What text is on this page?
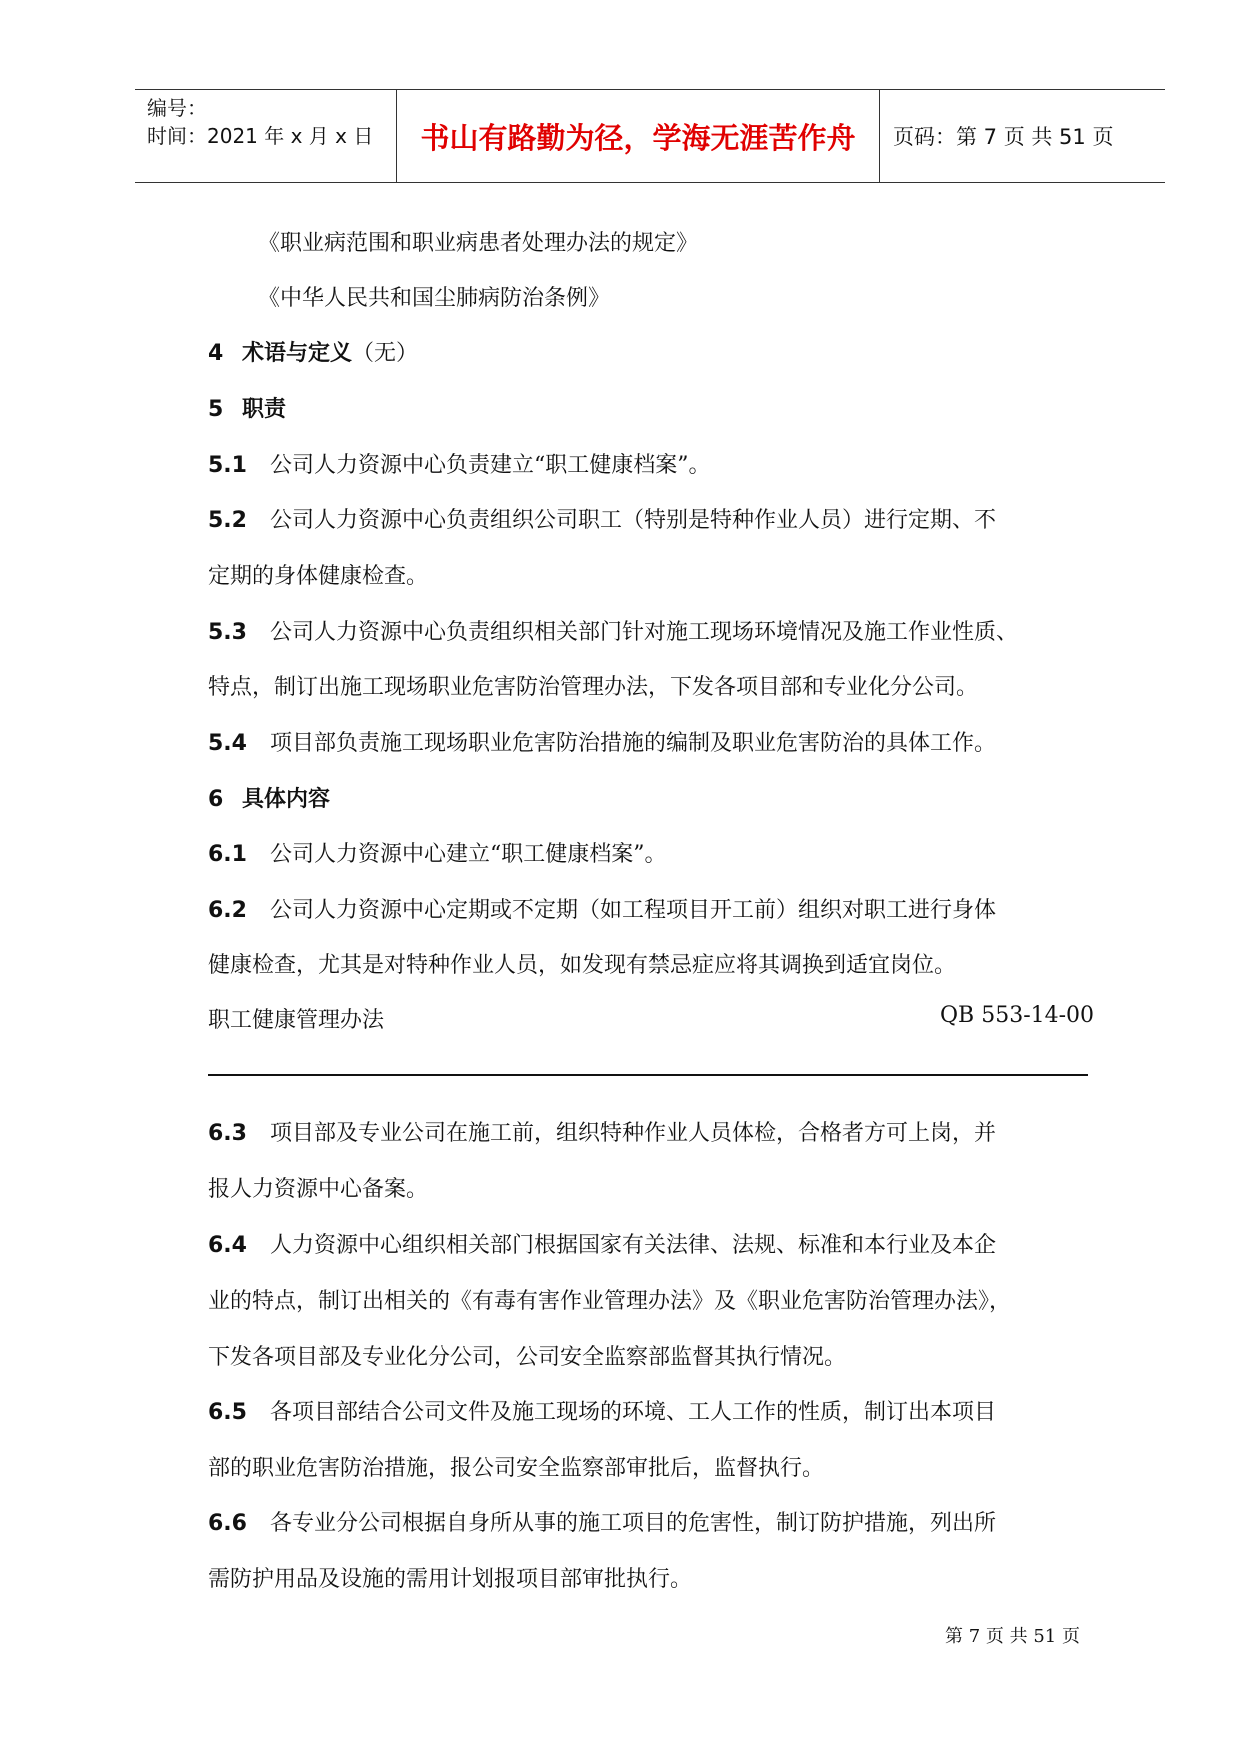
编号：
时间：2021 年 x 月 x 日	书山有路勤为径，学海无涯苦作舟	页码：第 7 页 共 51 页
《职业病范围和职业病患者处理办法的规定》
《中华人民共和国尘肺病防治条例》
4 术语与定义（无）
5 职责
5.1 公司人力资源中心负责建立“职工健康档案”。
5.2 公司人力资源中心负责组织公司职工（特别是特种作业人员）进行定期、不
定期的身体健康检查。
5.3 公司人力资源中心负责组织相关部门针对施工现场环境情况及施工作业性质、
特点，制订出施工现场职业危害防治管理办法，下发各项目部和专业化分公司。
5.4 项目部负责施工现场职业危害防治措施的编制及职业危害防治的具体工作。
6 具体内容
6.1 公司人力资源中心建立“职工健康档案”。
6.2 公司人力资源中心定期或不定期（如工程项目开工前）组织对职工进行身体
健康检查，尤其是对特种作业人员，如发现有禁忌症应将其调换到适宜岗位。
6.3 项目部及专业公司在施工前，组织特种作业人员体检，合格者方可上岗，并
报人力资源中心备案。
6.4 人力资源中心组织相关部门根据国家有关法律、法规、标准和本行业及本企
业的特点，制订出相关的《有毒有害作业管理办法》及《职业危害防治管理办法》，
下发各项目部及专业化分公司，公司安全监察部监督其执行情况。
6.5 各项目部结合公司文件及施工现场的环境、工人工作的性质，制订出本项目
部的职业危害防治措施，报公司安全监察部审批后，监督执行。
6.6 各专业分公司根据自身所从事的施工项目的危害性，制订防护措施，列出所
需防护用品及设施的需用计划报项目部审批执行。
职工健康管理办法	QB 553-14-00
第 7 页 共 51 页
